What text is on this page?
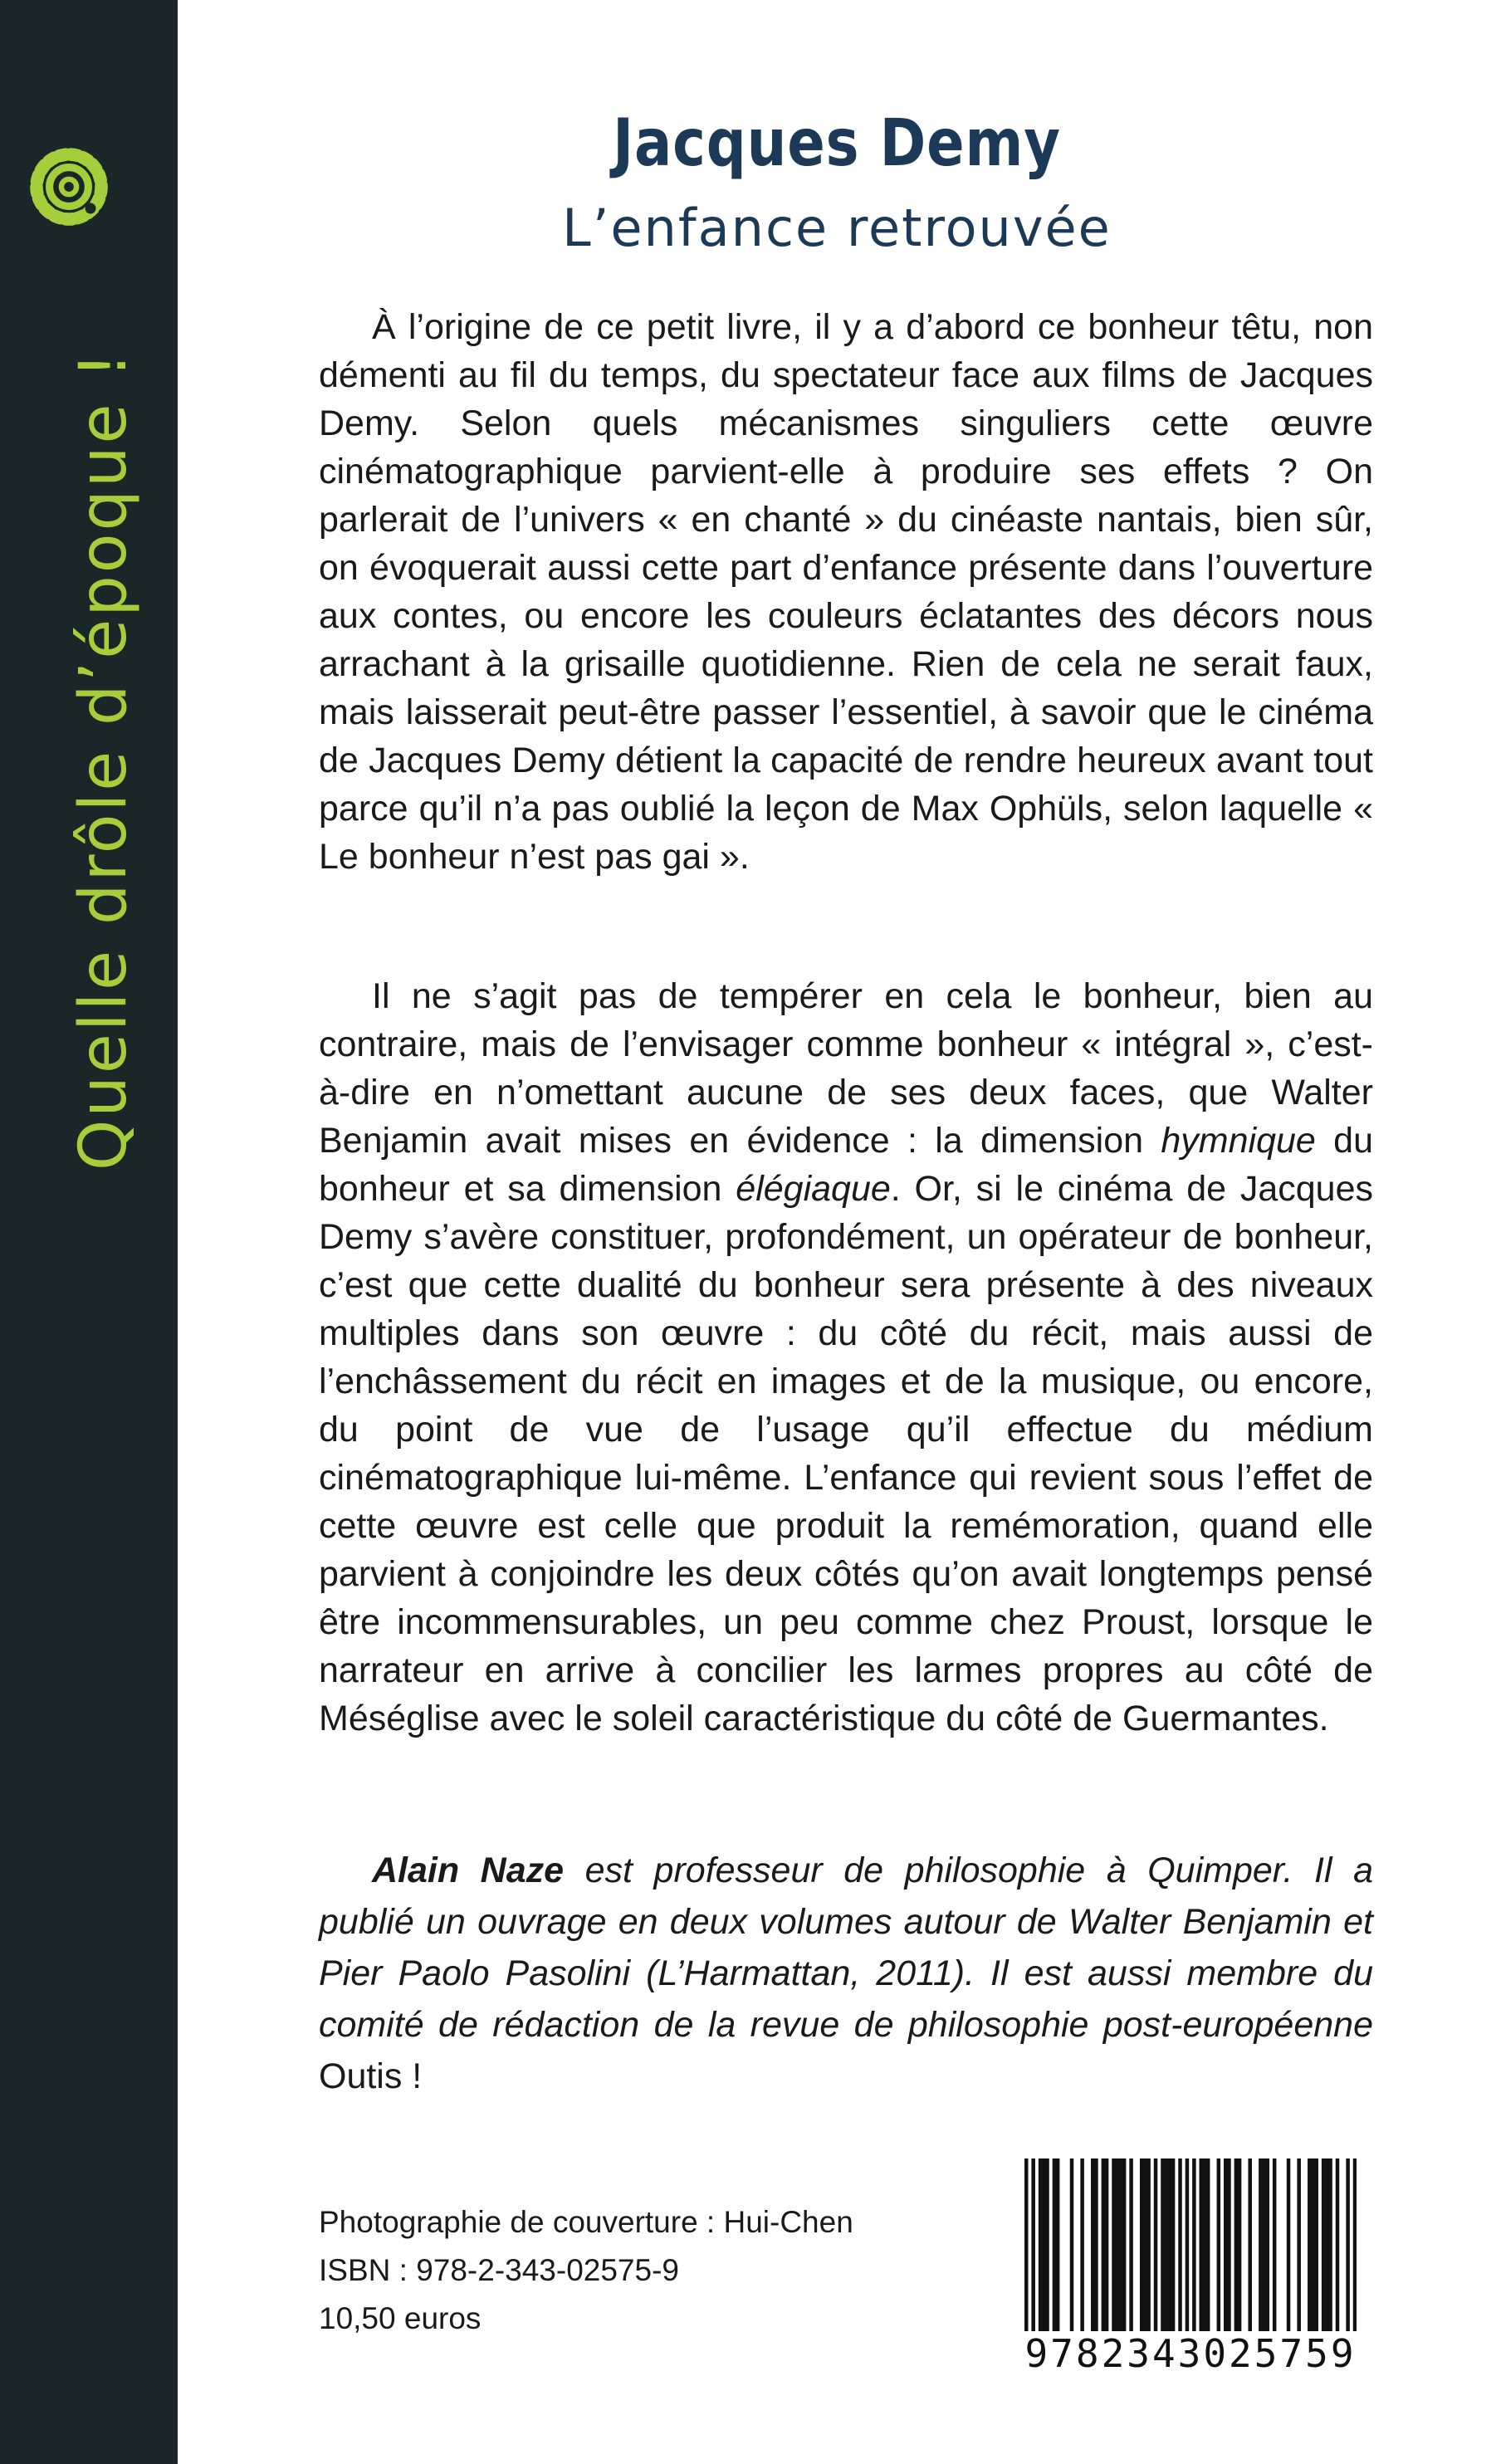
Quelle drôle d’époque !
Jacques Demy
L’enfance retrouvée

À l’origine de ce petit livre, il y a d’abord ce bonheur têtu, non démenti au fil du temps, du spectateur face aux films de Jacques Demy. Selon quels mécanismes singuliers cette œuvre cinématographique parvient-elle à produire ses effets ? On parlerait de l’univers « en chanté » du cinéaste nantais, bien sûr, on évoquerait aussi cette part d’enfance présente dans l’ouverture aux contes, ou encore les couleurs éclatantes des décors nous arrachant à la grisaille quotidienne. Rien de cela ne serait faux, mais laisserait peut-être passer l’essentiel, à savoir que le cinéma de Jacques Demy détient la capacité de rendre heureux avant tout parce qu’il n’a pas oublié la leçon de Max Ophüls, selon laquelle « Le bonheur n’est pas gai ».

Il ne s’agit pas de tempérer en cela le bonheur, bien au contraire, mais de l’envisager comme bonheur « intégral », c’est-à-dire en n’omettant aucune de ses deux faces, que Walter Benjamin avait mises en évidence : la dimension hymnique du bonheur et sa dimension élégiaque. Or, si le cinéma de Jacques Demy s’avère constituer, profondément, un opérateur de bonheur, c’est que cette dualité du bonheur sera présente à des niveaux multiples dans son œuvre : du côté du récit, mais aussi de l’enchâssement du récit en images et de la musique, ou encore, du point de vue de l’usage qu’il effectue du médium cinématographique lui-même. L’enfance qui revient sous l’effet de cette œuvre est celle que produit la remémoration, quand elle parvient à conjoindre les deux côtés qu’on avait longtemps pensé être incommensurables, un peu comme chez Proust, lorsque le narrateur en arrive à concilier les larmes propres au côté de Méséglise avec le soleil caractéristique du côté de Guermantes.

Alain Naze est professeur de philosophie à Quimper. Il a publié un ouvrage en deux volumes autour de Walter Benjamin et Pier Paolo Pasolini (L’Harmattan, 2011). Il est aussi membre du comité de rédaction de la revue de philosophie post-européenne Outis !

Photographie de couverture : Hui-Chen
ISBN : 978-2-343-02575-9
10,50 euros
9782343025759
